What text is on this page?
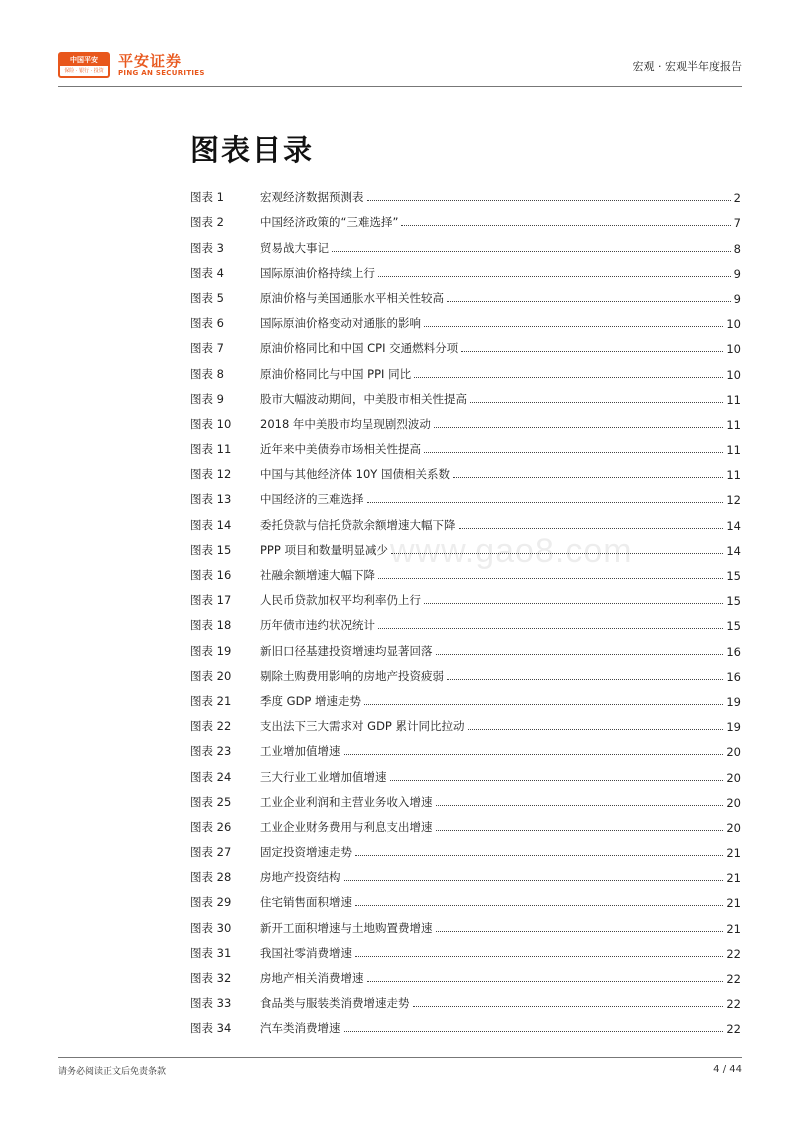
中国平安
保险 · 银行 · 投资
平安证券
PING AN SECURITIES	宏观 · 宏观半年度报告
图表目录
图表 1	宏观经济数据预测表	2
图表 2	中国经济政策的“三难选择”	7
图表 3	贸易战大事记	8
图表 4	国际原油价格持续上行	9
图表 5	原油价格与美国通胀水平相关性较高	9
图表 6	国际原油价格变动对通胀的影响	10
图表 7	原油价格同比和中国 CPI 交通燃料分项	10
图表 8	原油价格同比与中国 PPI 同比	10
图表 9	股市大幅波动期间，中美股市相关性提高	11
图表 10	2018 年中美股市均呈现剧烈波动	11
图表 11	近年来中美债券市场相关性提高	11
图表 12	中国与其他经济体 10Y 国债相关系数	11
图表 13	中国经济的三难选择	12
图表 14	委托贷款与信托贷款余额增速大幅下降	14
图表 15	PPP 项目和数量明显减少	14
图表 16	社融余额增速大幅下降	15
图表 17	人民币贷款加权平均利率仍上行	15
图表 18	历年债市违约状况统计	15
图表 19	新旧口径基建投资增速均显著回落	16
图表 20	剔除土购费用影响的房地产投资疲弱	16
图表 21	季度 GDP 增速走势	19
图表 22	支出法下三大需求对 GDP 累计同比拉动	19
图表 23	工业增加值增速	20
图表 24	三大行业工业增加值增速	20
图表 25	工业企业利润和主营业务收入增速	20
图表 26	工业企业财务费用与利息支出增速	20
图表 27	固定投资增速走势	21
图表 28	房地产投资结构	21
图表 29	住宅销售面积增速	21
图表 30	新开工面积增速与土地购置费增速	21
图表 31	我国社零消费增速	22
图表 32	房地产相关消费增速	22
图表 33	食品类与服装类消费增速走势	22
图表 34	汽车类消费增速	22
www.gao8.com
请务必阅读正文后免责条款	4 / 44
